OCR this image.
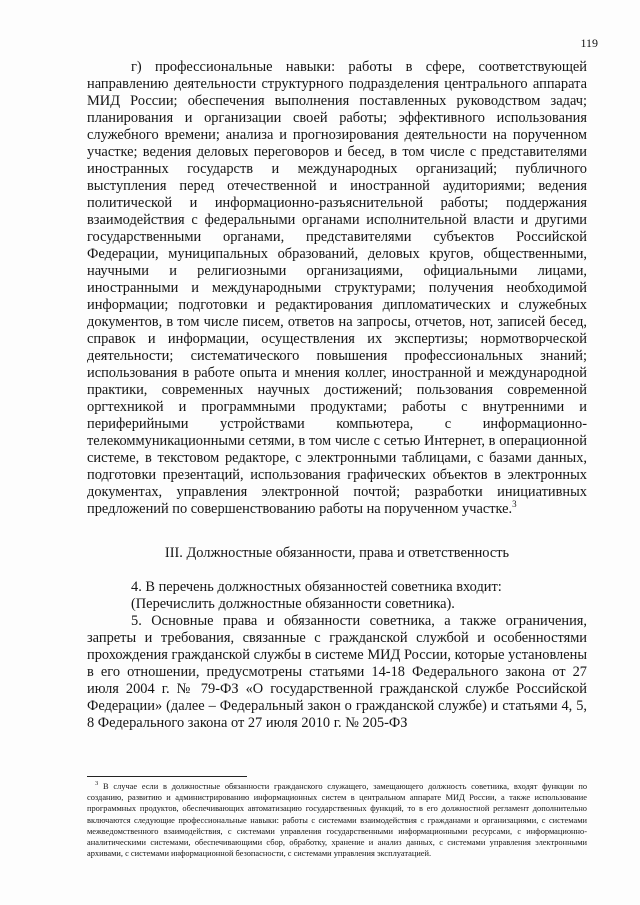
119

г) профессиональные навыки: работы в сфере, соответствующей направлению деятельности структурного подразделения центрального аппарата МИД России; обеспечения выполнения поставленных руководством задач; планирования и организации своей работы; эффективного использования служебного времени; анализа и прогнозирования деятельности на порученном участке; ведения деловых переговоров и бесед, в том числе с представителями иностранных государств и международных организаций; публичного выступления перед отечественной и иностранной аудиториями; ведения политической и информационно-разъяснительной работы; поддержания взаимодействия с федеральными органами исполнительной власти и другими государственными органами, представителями субъектов Российской Федерации, муниципальных образований, деловых кругов, общественными, научными и религиозными организациями, официальными лицами, иностранными и международными структурами; получения необходимой информации; подготовки и редактирования дипломатических и служебных документов, в том числе писем, ответов на запросы, отчетов, нот, записей бесед, справок и информации, осуществления их экспертизы; нормотворческой деятельности; систематического повышения профессиональных знаний; использования в работе опыта и мнения коллег, иностранной и международной практики, современных научных достижений; пользования современной оргтехникой и программными продуктами; работы с внутренними и периферийными устройствами компьютера, с информационно-телекоммуникационными сетями, в том числе с сетью Интернет, в операционной системе, в текстовом редакторе, с электронными таблицами, с базами данных, подготовки презентаций, использования графических объектов в электронных документах, управления электронной почтой; разработки инициативных предложений по совершенствованию работы на порученном участке.$^3$

III. Должностные обязанности, права и ответственность

4. В перечень должностных обязанностей советника входит:

(Перечислить должностные обязанности советника).

5. Основные права и обязанности советника, а также ограничения, запреты и требования, связанные с гражданской службой и особенностями прохождения гражданской службы в системе МИД России, которые установлены в его отношении, предусмотрены статьями 14-18 Федерального закона от 27 июля 2004 г. № 79-ФЗ «О государственной гражданской службе Российской Федерации» (далее – Федеральный закон о гражданской службе) и статьями 4, 5, 8 Федерального закона от 27 июля 2010 г. № 205-ФЗ

$^3$ В случае если в должностные обязанности гражданского служащего, замещающего должность советника, входят функции по созданию, развитию и администрированию информационных систем в центральном аппарате МИД России, а также использование программных продуктов, обеспечивающих автоматизацию государственных функций, то в его должностной регламент дополнительно включаются следующие профессиональные навыки: работы с системами взаимодействия с гражданами и организациями, с системами межведомственного взаимодействия, с системами управления государственными информационными ресурсами, с информационно-аналитическими системами, обеспечивающими сбор, обработку, хранение и анализ данных, с системами управления электронными архивами, с системами информационной безопасности, с системами управления эксплуатацией.
